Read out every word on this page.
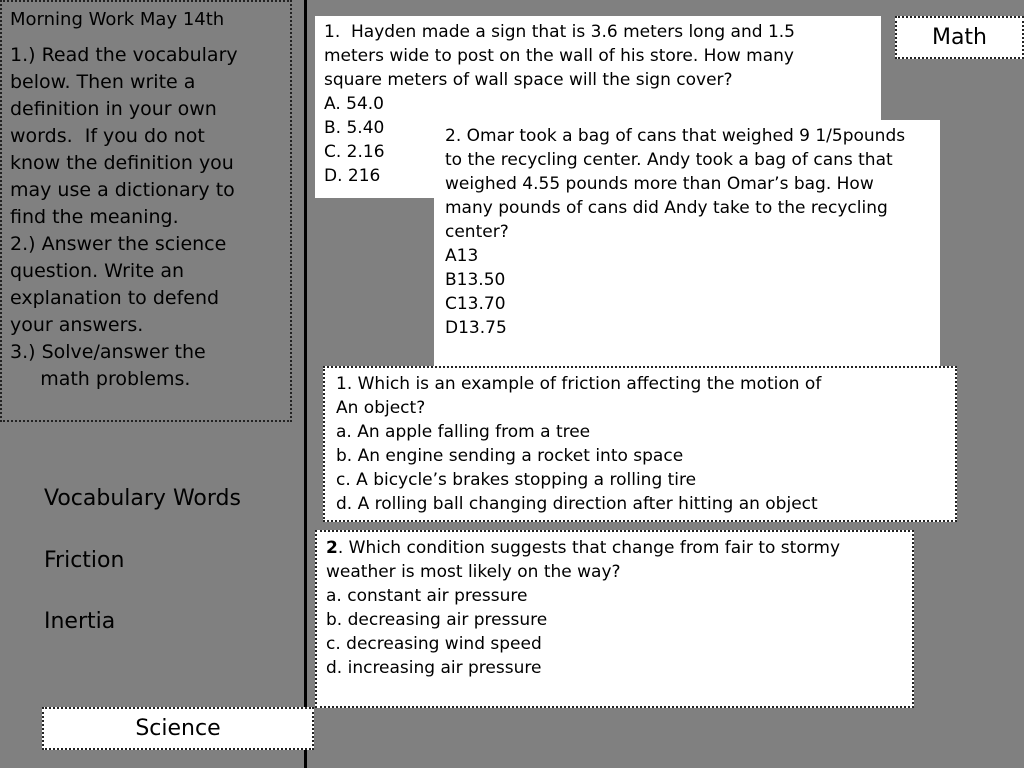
Morning Work May 14th
1.) Read the vocabulary
below. Then write a
definition in your own
words.  If you do not
know the definition you
may use a dictionary to
find the meaning.
2.) Answer the science
question. Write an
explanation to defend
your answers.
3.) Solve/answer the
math problems.
Vocabulary Words
Friction
Inertia
Science
Math
1.  Hayden made a sign that is 3.6 meters long and 1.5
meters wide to post on the wall of his store. How many
square meters of wall space will the sign cover?
A. 54.0
B. 5.40
C. 2.16
D. 216
2. Omar took a bag of cans that weighed 9 1/5pounds
to the recycling center. Andy took a bag of cans that
weighed 4.55 pounds more than Omar’s bag. How
many pounds of cans did Andy take to the recycling
center?
A13
B13.50
C13.70
D13.75
1. Which is an example of friction affecting the motion of
An object?
a. An apple falling from a tree
b. An engine sending a rocket into space
c. A bicycle’s brakes stopping a rolling tire
d. A rolling ball changing direction after hitting an object
2. Which condition suggests that change from fair to stormy
weather is most likely on the way?
a. constant air pressure
b. decreasing air pressure
c. decreasing wind speed
d. increasing air pressure
